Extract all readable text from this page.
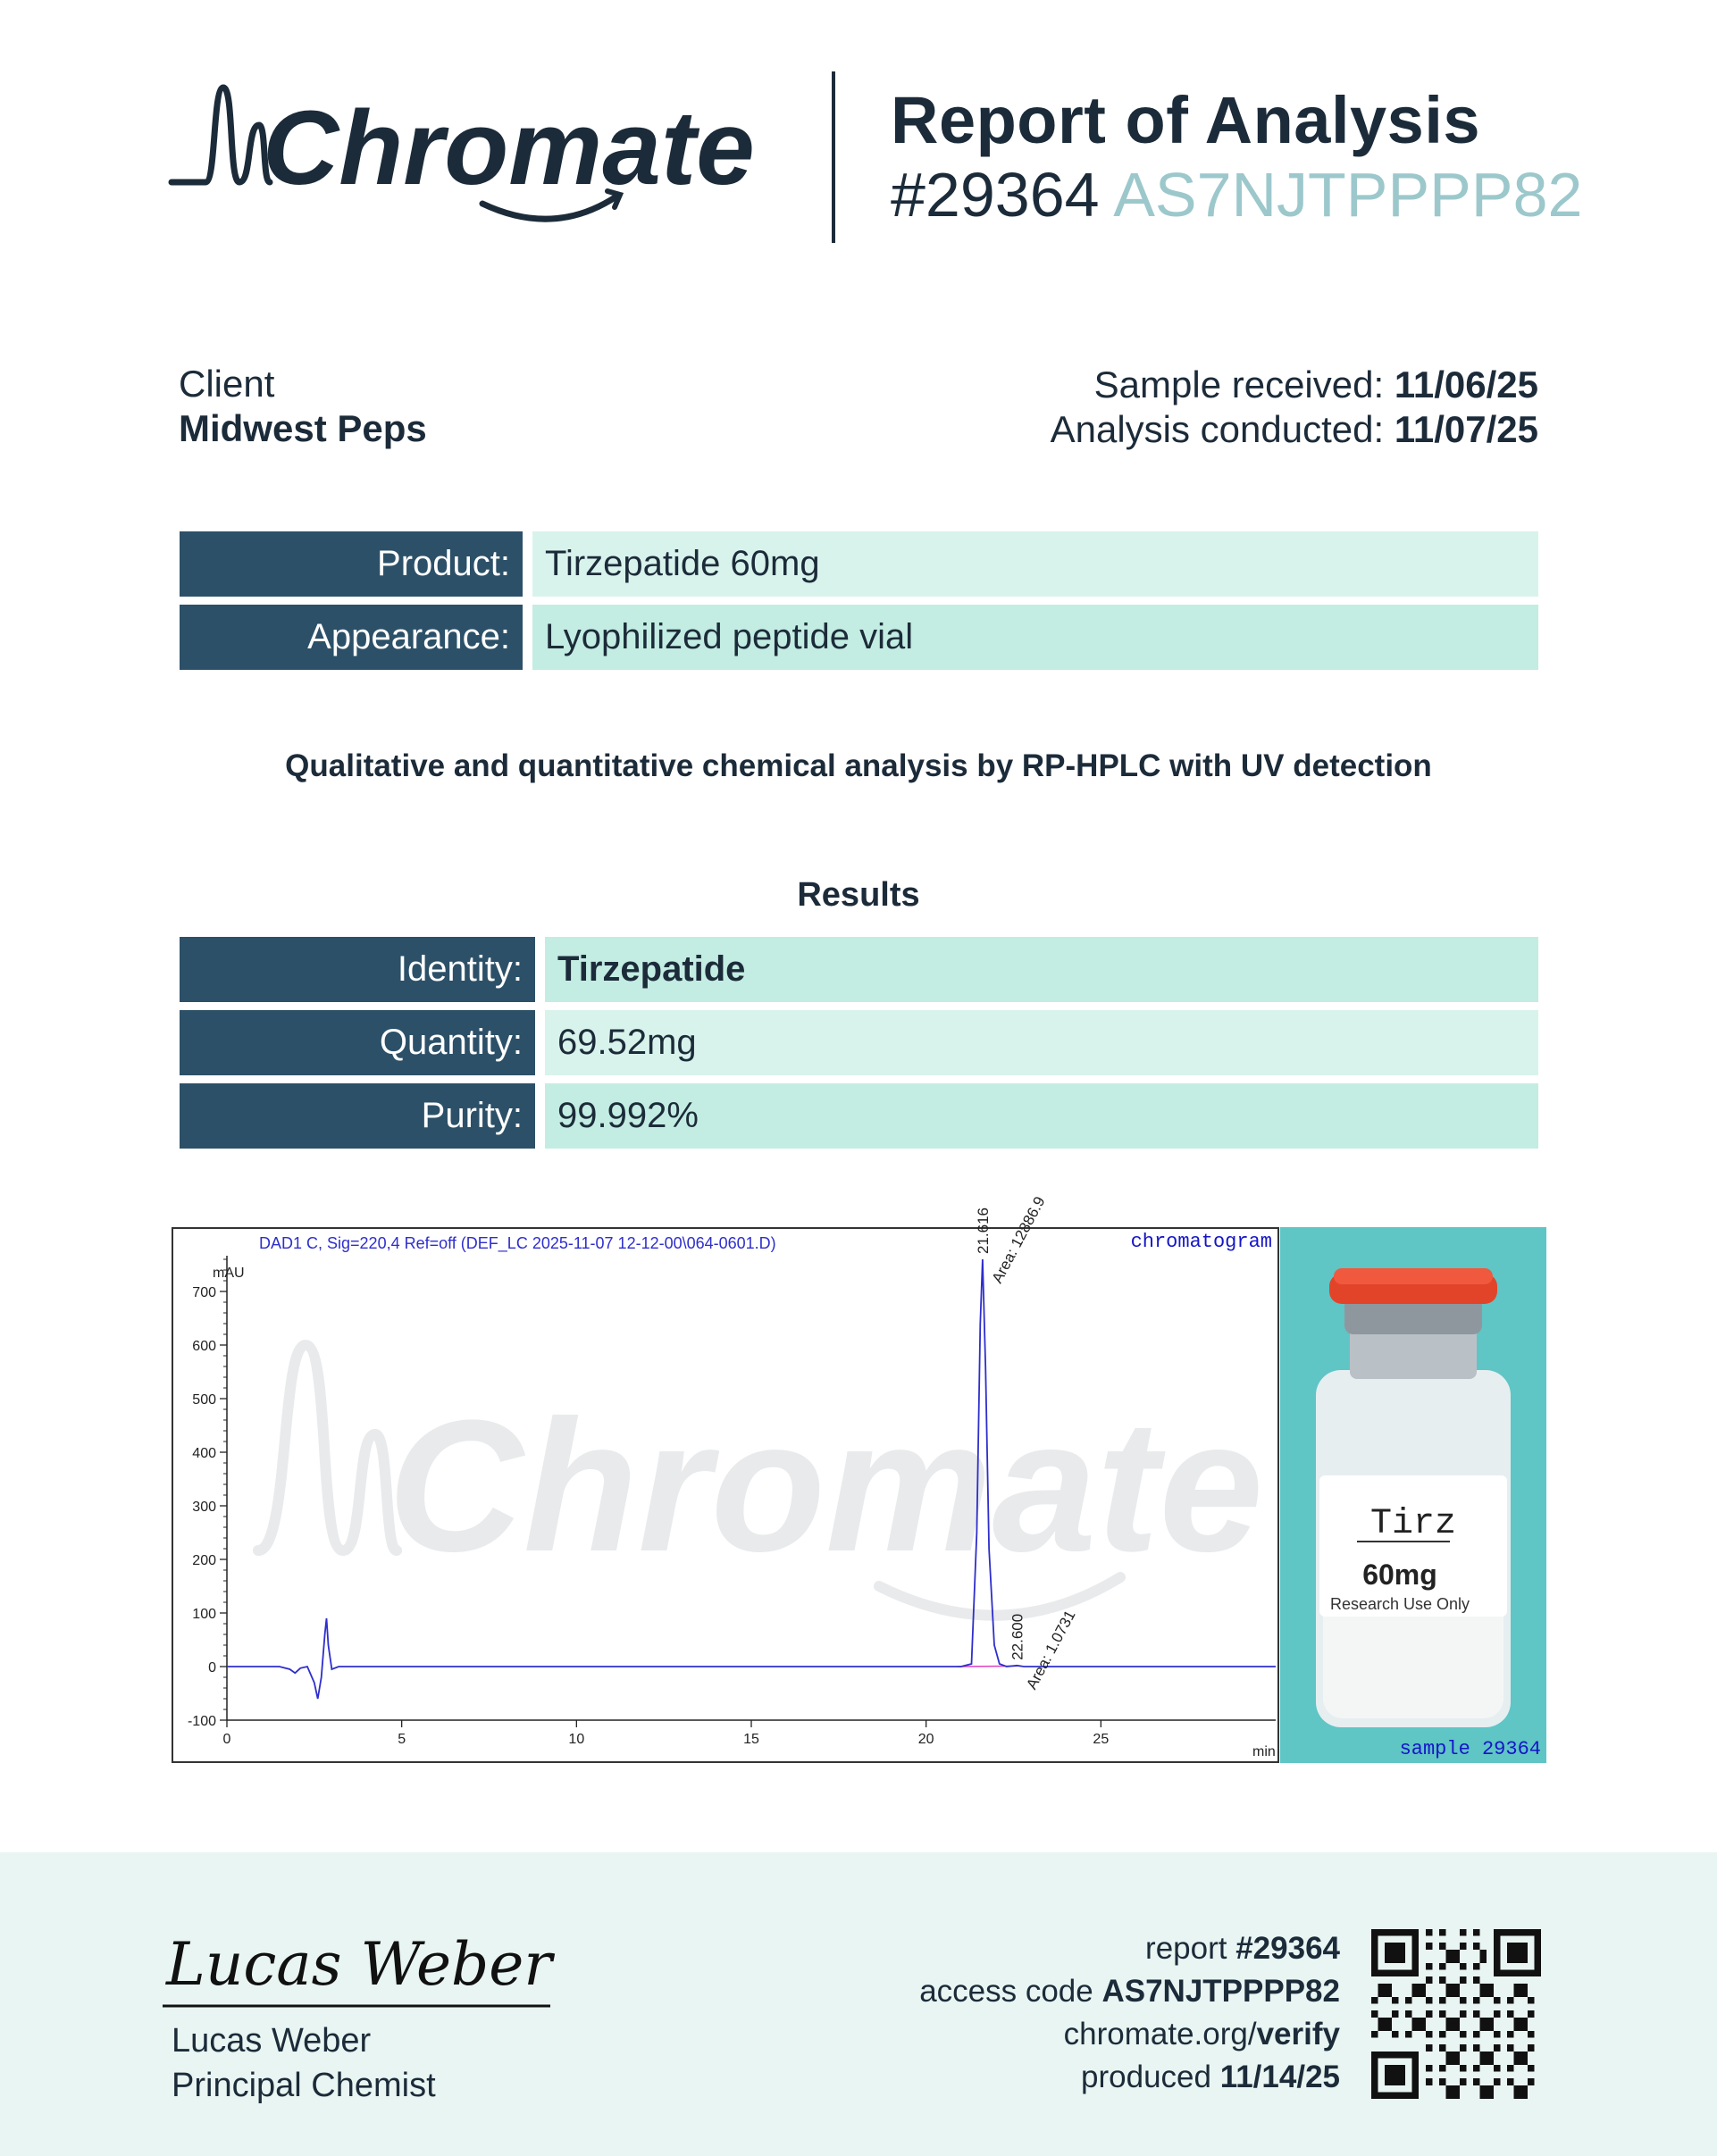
Chromate Report of Analysis
#29364 AS7NJTPPPP82
Client
Midwest Peps
Sample received: 11/06/25
Analysis conducted: 11/07/25
Product: Tirzepatide 60mg
Appearance: Lyophilized peptide vial
Qualitative and quantitative chemical analysis by RP-HPLC with UV detection
Results
Identity: Tirzepatide
Quantity: 69.52mg
Purity: 99.992%
Chromate
DAD1 C, Sig=220,4 Ref=off (DEF_LC 2025-11-07 12-12-00\064-0601.D)	chromatogram
mAU
min
-100
0
100
200
300
400
500
600
700
0	5	10	15	20	25
21.616
Area: 12886.9
22.600
Area: 1.0731
Tirz
60mg
Research Use Only
sample 29364
Lucas Weber
Lucas Weber
Principal Chemist
report #29364
access code AS7NJTPPPP82
chromate.org/verify
produced 11/14/25
